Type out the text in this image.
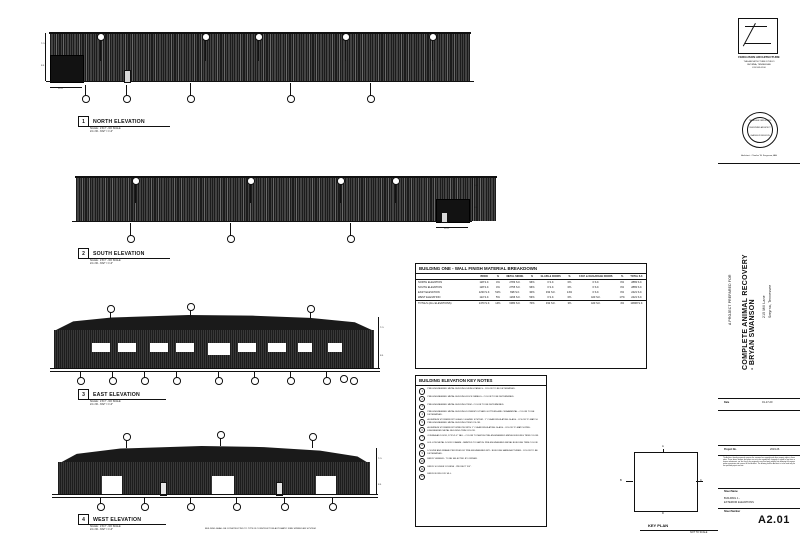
T.O.
F.F.
20'-0"
1	NORTH ELEVATION
SCALE : 1'X17' - NO SCALE
24 x 36 - 3/32" = 1'-0"
T.O.
F.F.
20'-0"
2	SOUTH ELEVATION
SCALE : 1'X17' - NO SCALE
24 x 36 - 3/32" = 1'-0"
T.O.
F.F.
3	EAST ELEVATION
SCALE : 1'X17' - NO SCALE
24 x 36 - 3/32" = 1'-0"
T.O.
F.F.
4	WEST ELEVATION
SCALE : 1'X17' - NO SCALE
24 x 36 - 3/32" = 1'-0"
BUILDING ONE - WALL FINISH MATERIAL BREAKDOWN
	BRICK	%	METAL SIDING	%	GLASS & DOORS	%	F.R.P. & OH/GARAGE DOORS	%	TOTAL S.F.
NORTH ELEVATION	128 S.F.	4%	2783 S.F.	96%	0 S.F.	0%	0 S.F.	0%	2883 S.F.
SOUTH ELEVATION	128 S.F.	4%	2755 S.F.	96%	0 S.F.	0%	0 S.F.	0%	2883 S.F.
EAST ELEVATION	1230 S.F.	51%	698 S.F.	30%	332 S.F.	14%	0 S.F.	0%	2421 S.F.
WEST ELEVATION	122 S.F.	5%	1296 S.F.	53%	0 S.F.	0%	423 S.F.	17%	2421 S.F.
TOTALS (ALL ELEVATIONS)	1470 S.F.	14%	6380 S.F.	70%	332 S.F.	3%	423 S.F.	4%	10608 S.F.
BUILDING ELEVATION KEY NOTES
1
PRE-ENGINEERED METAL BUILDING SIDING PANELS - COLOR TO BE DETERMINED.
2
PRE-ENGINEERED METAL BUILDING ROOF PANELS - COLOR TO BE DETERMINED.
3
PRE-ENGINEERED METAL BUILDING TRIM - COLOR TO BE DETERMINED.
4
PRE-ENGINEERED METAL BUILDING DOWNSPOUT AND GUTTERS AND ORNAMENTAL - COLOR TO BE DETERMINED.
5
ALUMINUM STOREFRONT GLASS / GLAZED SYSTEM - 1" CLEAR INSULATING GLASS - COLOR TO MATCH PRE-ENGINEERED METAL BUILDING TRIM COLOR.
6
ALUMINUM STOREFRONT WINDOW WITH 1" CLEAR INSULATING GLASS - COLOR TO MATCH PRE-ENGINEERED METAL BUILDING TRIM COLOR.
7
OVERHEAD DOOR, 12'X14'-0" TALL - COLOR TO MATCH PRE-ENGINEERED METAL BUILDING TRIM COLOR.
8
HOLLOW METAL DOOR / FRAME - PAINTED TO MATCH PRE-ENGINEERED METAL BUILDING TRIM COLOR.
9
LOUVER AND FRAME PROVIDED BY PRE-ENGINEERED MTL. BUILDING MANUFACTURER - COLOR TO BE DETERMINED.
10
BRICK VENEER - TO BE SELECTED BY OWNER.
11
BRICK SOLDIER COURSE - PROJECT 3/4".
12
BRICK ROWLOCK SILL.
BUILDING SHALL BE CONSTRUCTED TO TYPE III CONSTRUCTION AUTOMATIC FIRE SPRINKLER SYSTEM.
A
B
D
KEY PLAN
NOT TO SCALE
FERGUSON ARCHITECTURE
THE ARCHITECTURE STUDIO
SMYRNA, TENNESSEE
615.555.0100
TENNESSEE STATE BOARD
REGISTERED ARCHITECT
CHARLES W. FERGUSON
Architect : Charles W. Ferguson, AIA
A PROJECT PREPARED FOR COMPLETE ANIMAL RECOVERY - BRYAN SWANSON 215 Mill Lane Smyrna, Tennessee
Date	01-17-20
Project No.	2019.26
The Architect hereby expressly reserves the common law copyright and other property rights in these plans. These ideas, designs and plans are not to be reproduced, changed or copied in any form or manner whatsoever, nor are they to be assigned to any third party without first obtaining the express written permission and consent of the Architect. The drawing and the Architect is to be used only for the specified project and site.
Sheet Name
BUILDING 1 -
EXTERIOR ELEVATIONS
Sheet Number
A2.01
